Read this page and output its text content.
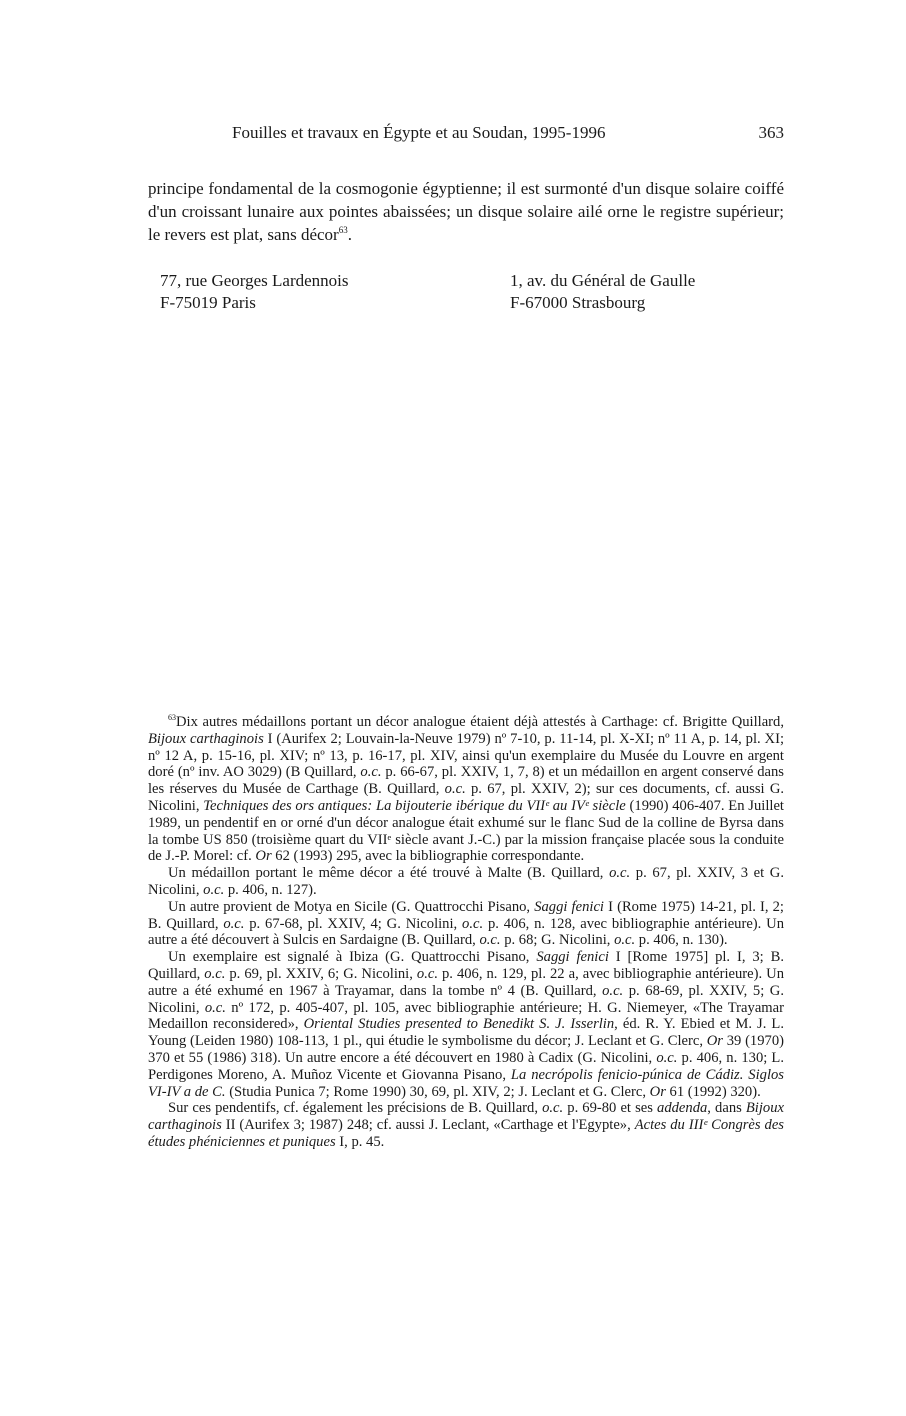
Fouilles et travaux en Égypte et au Soudan, 1995-1996	363
principe fondamental de la cosmogonie égyptienne; il est surmonté d'un disque solaire coiffé d'un croissant lunaire aux pointes abaissées; un disque solaire ailé orne le registre supérieur; le revers est plat, sans décor$^{63}$.
77, rue Georges Lardennois
F-75019 Paris
1, av. du Général de Gaulle
F-67000 Strasbourg

$^{63}$Dix autres médaillons portant un décor analogue étaient déjà attestés à Carthage: cf. Brigitte Quillard, Bijoux carthaginois I (Aurifex 2; Louvain-la-Neuve 1979) nº 7-10, p. 11-14, pl. X-XI; nº 11 A, p. 14, pl. XI; nº 12 A, p. 15-16, pl. XIV; nº 13, p. 16-17, pl. XIV, ainsi qu'un exemplaire du Musée du Louvre en argent doré (nº inv. AO 3029) (B Quillard, o.c. p. 66-67, pl. XXIV, 1, 7, 8) et un médaillon en argent conservé dans les réserves du Musée de Carthage (B. Quillard, o.c. p. 67, pl. XXIV, 2); sur ces documents, cf. aussi G. Nicolini, Techniques des ors antiques: La bijouterie ibérique du VIIᵉ au IVᵉ siècle (1990) 406-407. En Juillet 1989, un pendentif en or orné d'un décor analogue était exhumé sur le flanc Sud de la colline de Byrsa dans la tombe US 850 (troisième quart du VIIᵉ siècle avant J.-C.) par la mission française placée sous la conduite de J.-P. Morel: cf. Or 62 (1993) 295, avec la bibliographie correspondante.

Un médaillon portant le même décor a été trouvé à Malte (B. Quillard, o.c. p. 67, pl. XXIV, 3 et G. Nicolini, o.c. p. 406, n. 127).

Un autre provient de Motya en Sicile (G. Quattrocchi Pisano, Saggi fenici I (Rome 1975) 14-21, pl. I, 2; B. Quillard, o.c. p. 67-68, pl. XXIV, 4; G. Nicolini, o.c. p. 406, n. 128, avec bibliographie antérieure). Un autre a été découvert à Sulcis en Sardaigne (B. Quillard, o.c. p. 68; G. Nicolini, o.c. p. 406, n. 130).

Un exemplaire est signalé à Ibiza (G. Quattrocchi Pisano, Saggi fenici I [Rome 1975] pl. I, 3; B. Quillard, o.c. p. 69, pl. XXIV, 6; G. Nicolini, o.c. p. 406, n. 129, pl. 22 a, avec bibliographie antérieure). Un autre a été exhumé en 1967 à Trayamar, dans la tombe nº 4 (B. Quillard, o.c. p. 68-69, pl. XXIV, 5; G. Nicolini, o.c. nº 172, p. 405-407, pl. 105, avec bibliographie antérieure; H. G. Niemeyer, «The Trayamar Medaillon reconsidered», Oriental Studies presented to Benedikt S. J. Isserlin, éd. R. Y. Ebied et M. J. L. Young (Leiden 1980) 108-113, 1 pl., qui étudie le symbolisme du décor; J. Leclant et G. Clerc, Or 39 (1970) 370 et 55 (1986) 318). Un autre encore a été découvert en 1980 à Cadix (G. Nicolini, o.c. p. 406, n. 130; L. Perdigones Moreno, A. Muñoz Vicente et Giovanna Pisano, La necrópolis fenicio-púnica de Cádiz. Siglos VI-IV a de C. (Studia Punica 7; Rome 1990) 30, 69, pl. XIV, 2; J. Leclant et G. Clerc, Or 61 (1992) 320).

Sur ces pendentifs, cf. également les précisions de B. Quillard, o.c. p. 69-80 et ses addenda, dans Bijoux carthaginois II (Aurifex 3; 1987) 248; cf. aussi J. Leclant, «Carthage et l'Egypte», Actes du IIIᵉ Congrès des études phéniciennes et puniques I, p. 45.
